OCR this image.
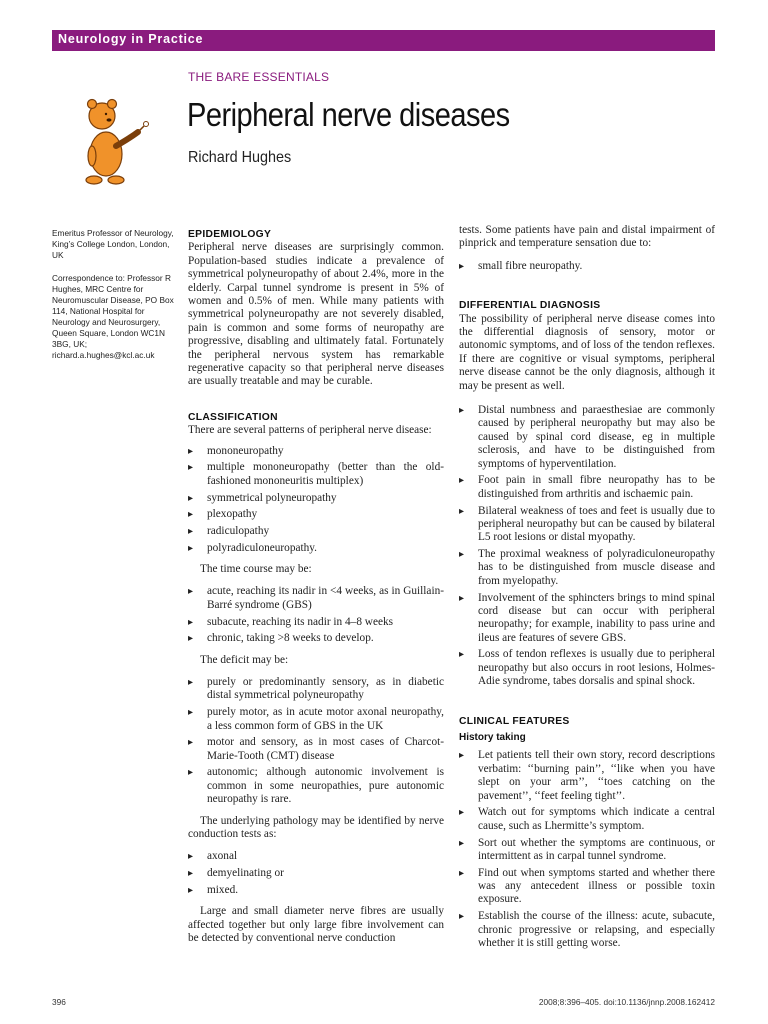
Neurology in Practice
THE BARE ESSENTIALS
Peripheral nerve diseases
Richard Hughes
Emeritus Professor of Neurology, King’s College London, London, UK
Correspondence to: Professor R Hughes, MRC Centre for Neuromuscular Disease, PO Box 114, National Hospital for Neurology and Neurosurgery, Queen Square, London WC1N 3BG, UK; richard.a.hughes@kcl.ac.uk
EPIDEMIOLOGY

Peripheral nerve diseases are surprisingly common. Population-based studies indicate a prevalence of symmetrical polyneuropathy of about 2.4%, more in the elderly. Carpal tunnel syndrome is present in 5% of women and 0.5% of men. While many patients with symmetrical polyneuropathy are not severely disabled, pain is common and some forms of neuropathy are progressive, disabling and ultimately fatal. Fortunately the peripheral nervous system has remarkable regenerative capacity so that peripheral nerve diseases are usually treatable and may be curable.

CLASSIFICATION

There are several patterns of peripheral nerve disease:

▸ mononeuropathy
▸ multiple mononeuropathy (better than the old-fashioned mononeuritis multiplex)
▸ symmetrical polyneuropathy
▸ plexopathy
▸ radiculopathy
▸ polyradiculoneuropathy.

The time course may be:

▸ acute, reaching its nadir in <4 weeks, as in Guillain-Barré syndrome (GBS)
▸ subacute, reaching its nadir in 4–8 weeks
▸ chronic, taking >8 weeks to develop.

The deficit may be:

▸ purely or predominantly sensory, as in diabetic distal symmetrical polyneuropathy
▸ purely motor, as in acute motor axonal neuropathy, a less common form of GBS in the UK
▸ motor and sensory, as in most cases of Charcot-Marie-Tooth (CMT) disease
▸ autonomic; although autonomic involvement is common in some neuropathies, pure autonomic neuropathy is rare.

The underlying pathology may be identified by nerve conduction tests as:

▸ axonal
▸ demyelinating or
▸ mixed.

Large and small diameter nerve fibres are usually affected together but only large fibre involvement can be detected by conventional nerve conduction

tests. Some patients have pain and distal impairment of pinprick and temperature sensation due to:

▸ small fibre neuropathy.
DIFFERENTIAL DIAGNOSIS

The possibility of peripheral nerve disease comes into the differential diagnosis of sensory, motor or autonomic symptoms, and of loss of the tendon reflexes. If there are cognitive or visual symptoms, peripheral nerve disease cannot be the only diagnosis, although it may be present as well.

▸ Distal numbness and paraesthesiae are commonly caused by peripheral neuropathy but may also be caused by spinal cord disease, eg in multiple sclerosis, and have to be distinguished from symptoms of hyperventilation.
▸ Foot pain in small fibre neuropathy has to be distinguished from arthritis and ischaemic pain.
▸ Bilateral weakness of toes and feet is usually due to peripheral neuropathy but can be caused by bilateral L5 root lesions or distal myopathy.
▸ The proximal weakness of polyradiculoneuropathy has to be distinguished from muscle disease and from myelopathy.
▸ Involvement of the sphincters brings to mind spinal cord disease but can occur with peripheral neuropathy; for example, inability to pass urine and ileus are features of severe GBS.
▸ Loss of tendon reflexes is usually due to peripheral neuropathy but also occurs in root lesions, Holmes-Adie syndrome, tabes dorsalis and spinal shock.
CLINICAL FEATURES
History taking
▸ Let patients tell their own story, record descriptions verbatim: ‘‘burning pain’’, ‘‘like when you have slept on your arm’’, ‘‘toes catching on the pavement’’, ‘‘feet feeling tight’’.
▸ Watch out for symptoms which indicate a central cause, such as Lhermitte’s symptom.
▸ Sort out whether the symptoms are continuous, or intermittent as in carpal tunnel syndrome.
▸ Find out when symptoms started and whether there was any antecedent illness or possible toxin exposure.
▸ Establish the course of the illness: acute, subacute, chronic progressive or relapsing, and especially whether it is still getting worse.
396	2008;8:396–405. doi:10.1136/jnnp.2008.162412
